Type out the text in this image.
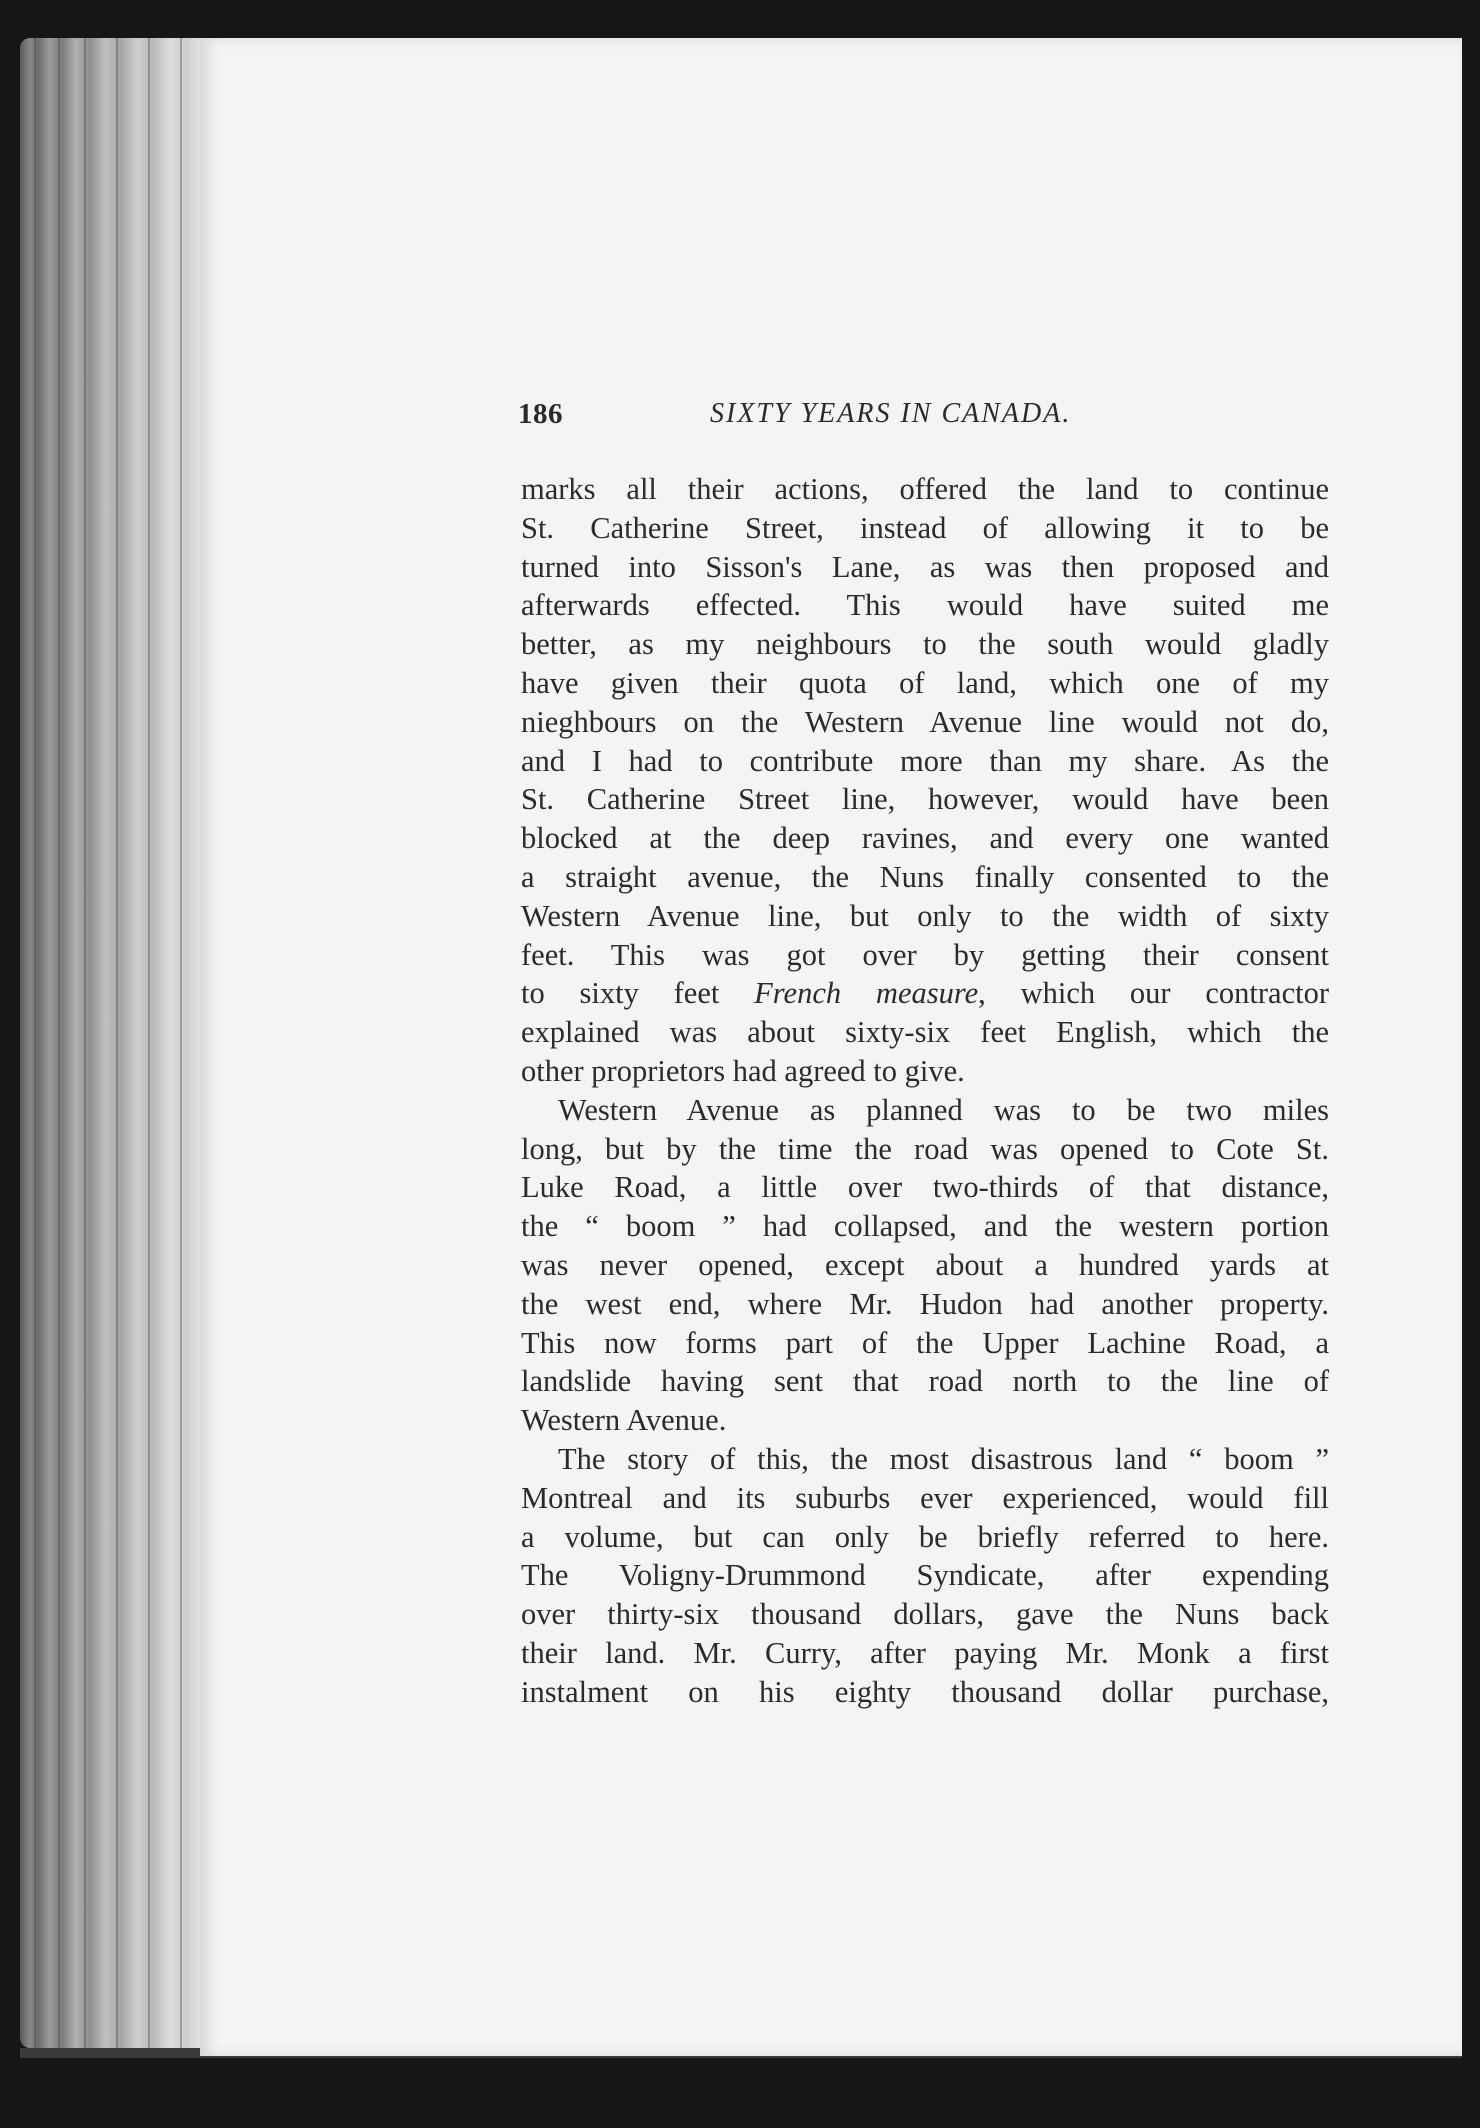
186	SIXTY YEARS IN CANADA.
marks all their actions, offered the land to continue
St. Catherine Street, instead of allowing it to be
turned into Sisson's Lane, as was then proposed and
afterwards effected. This would have suited me
better, as my neighbours to the south would gladly
have given their quota of land, which one of my
nieghbours on the Western Avenue line would not do,
and I had to contribute more than my share. As the
St. Catherine Street line, however, would have been
blocked at the deep ravines, and every one wanted
a straight avenue, the Nuns finally consented to the
Western Avenue line, but only to the width of sixty
feet. This was got over by getting their consent
to sixty feet French measure, which our contractor
explained was about sixty-six feet English, which the
other proprietors had agreed to give.
Western Avenue as planned was to be two miles
long, but by the time the road was opened to Cote St.
Luke Road, a little over two-thirds of that distance,
the “ boom ” had collapsed, and the western portion
was never opened, except about a hundred yards at
the west end, where Mr. Hudon had another property.
This now forms part of the Upper Lachine Road, a
landslide having sent that road north to the line of
Western Avenue.
The story of this, the most disastrous land “ boom ”
Montreal and its suburbs ever experienced, would fill
a volume, but can only be briefly referred to here.
The Voligny-Drummond Syndicate, after expending
over thirty-six thousand dollars, gave the Nuns back
their land. Mr. Curry, after paying Mr. Monk a first
instalment on his eighty thousand dollar purchase,
